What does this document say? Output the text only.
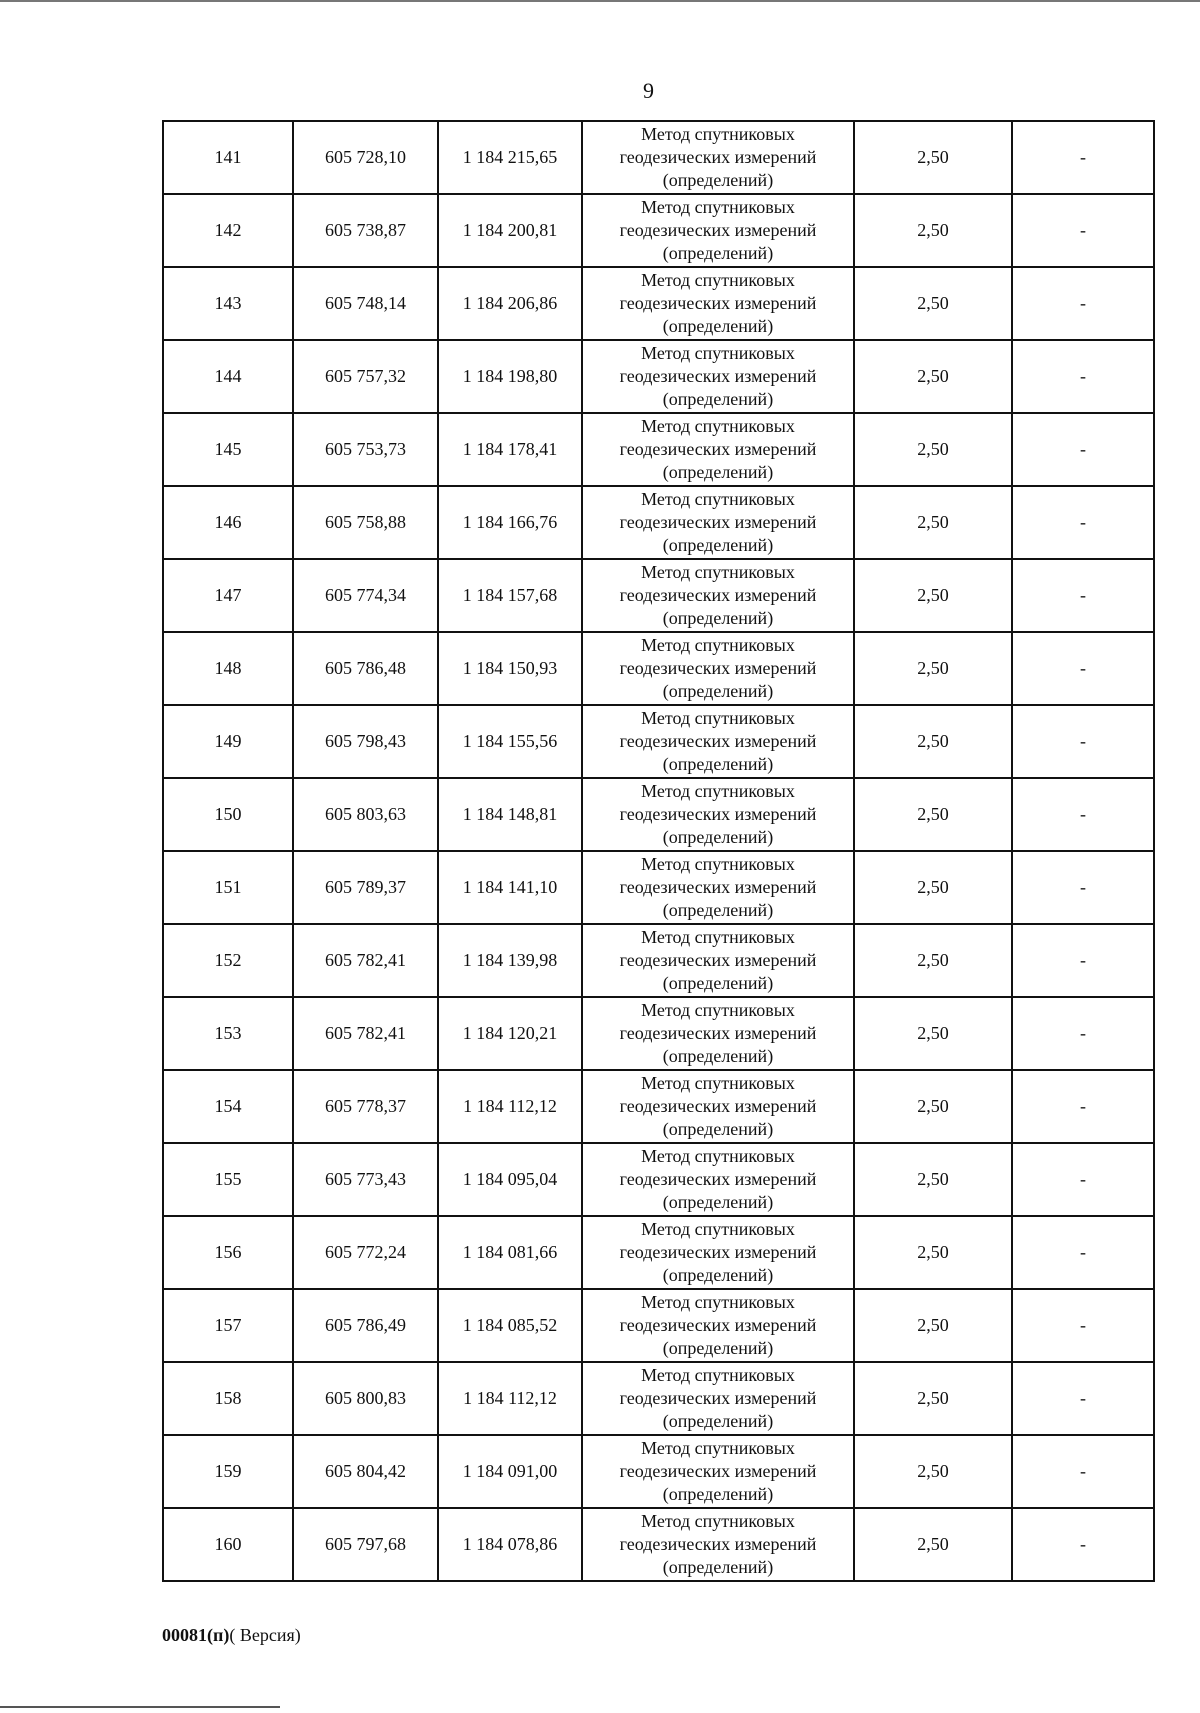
9
141	605 728,10	1 184 215,65	Метод спутниковых
геодезических измерений
(определений)	2,50	-
142	605 738,87	1 184 200,81	Метод спутниковых
геодезических измерений
(определений)	2,50	-
143	605 748,14	1 184 206,86	Метод спутниковых
геодезических измерений
(определений)	2,50	-
144	605 757,32	1 184 198,80	Метод спутниковых
геодезических измерений
(определений)	2,50	-
145	605 753,73	1 184 178,41	Метод спутниковых
геодезических измерений
(определений)	2,50	-
146	605 758,88	1 184 166,76	Метод спутниковых
геодезических измерений
(определений)	2,50	-
147	605 774,34	1 184 157,68	Метод спутниковых
геодезических измерений
(определений)	2,50	-
148	605 786,48	1 184 150,93	Метод спутниковых
геодезических измерений
(определений)	2,50	-
149	605 798,43	1 184 155,56	Метод спутниковых
геодезических измерений
(определений)	2,50	-
150	605 803,63	1 184 148,81	Метод спутниковых
геодезических измерений
(определений)	2,50	-
151	605 789,37	1 184 141,10	Метод спутниковых
геодезических измерений
(определений)	2,50	-
152	605 782,41	1 184 139,98	Метод спутниковых
геодезических измерений
(определений)	2,50	-
153	605 782,41	1 184 120,21	Метод спутниковых
геодезических измерений
(определений)	2,50	-
154	605 778,37	1 184 112,12	Метод спутниковых
геодезических измерений
(определений)	2,50	-
155	605 773,43	1 184 095,04	Метод спутниковых
геодезических измерений
(определений)	2,50	-
156	605 772,24	1 184 081,66	Метод спутниковых
геодезических измерений
(определений)	2,50	-
157	605 786,49	1 184 085,52	Метод спутниковых
геодезических измерений
(определений)	2,50	-
158	605 800,83	1 184 112,12	Метод спутниковых
геодезических измерений
(определений)	2,50	-
159	605 804,42	1 184 091,00	Метод спутниковых
геодезических измерений
(определений)	2,50	-
160	605 797,68	1 184 078,86	Метод спутниковых
геодезических измерений
(определений)	2,50	-
00081(п)( Версия)
